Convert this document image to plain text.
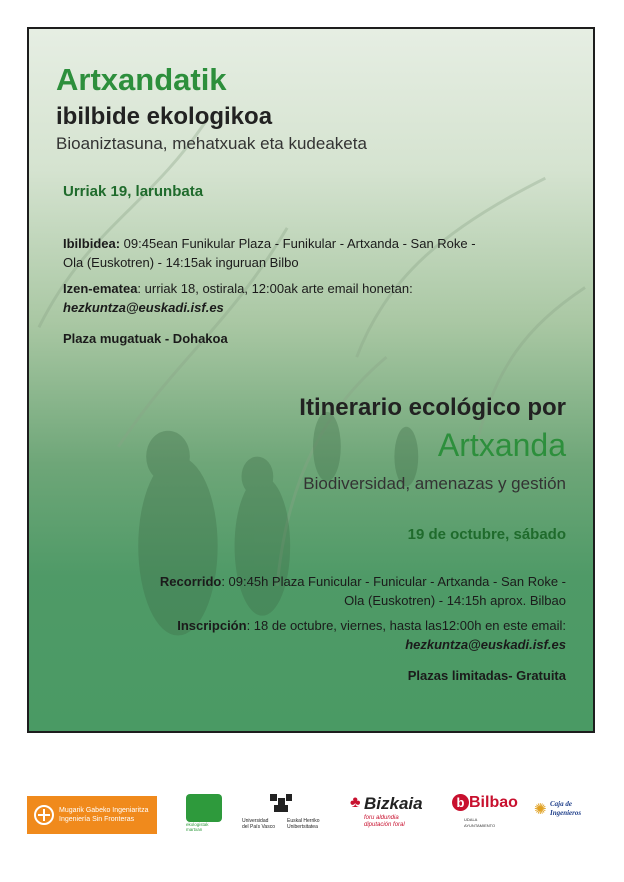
Artxandatik
ibilbide ekologikoa
Bioaniztasuna, mehatxuak eta kudeaketa
Urriak 19, larunbata
Ibilbidea: 09:45ean Funikular Plaza - Funikular - Artxanda - San Roke -
Ola (Euskotren) - 14:15ak inguruan Bilbo
Izen-ematea: urriak 18, ostirala, 12:00ak arte email honetan:
hezkuntza@euskadi.isf.es
Plaza mugatuak - Dohakoa
Itinerario ecológico por
Artxanda
Biodiversidad, amenazas y gestión
19 de octubre, sábado
Recorrido: 09:45h Plaza Funicular - Funicular - Artxanda - San Roke -
Ola (Euskotren) - 14:15h aprox. Bilbao
Inscripción: 18 de octubre, viernes, hasta las12:00h en este email:
hezkuntza@euskadi.isf.es
Plazas limitadas- Gratuita
Mugarik Gabeko Ingeniaritza
Ingeniería Sin Fronteras
ekologistak martxan
Universidad
del País Vasco
Euskal Herriko
Unibertsitatea
♣ Bizkaia
foru aldundia
diputación foral
b Bilbao
UDALA
AYUNTAMIENTO
✺ Caja de
Ingenieros
